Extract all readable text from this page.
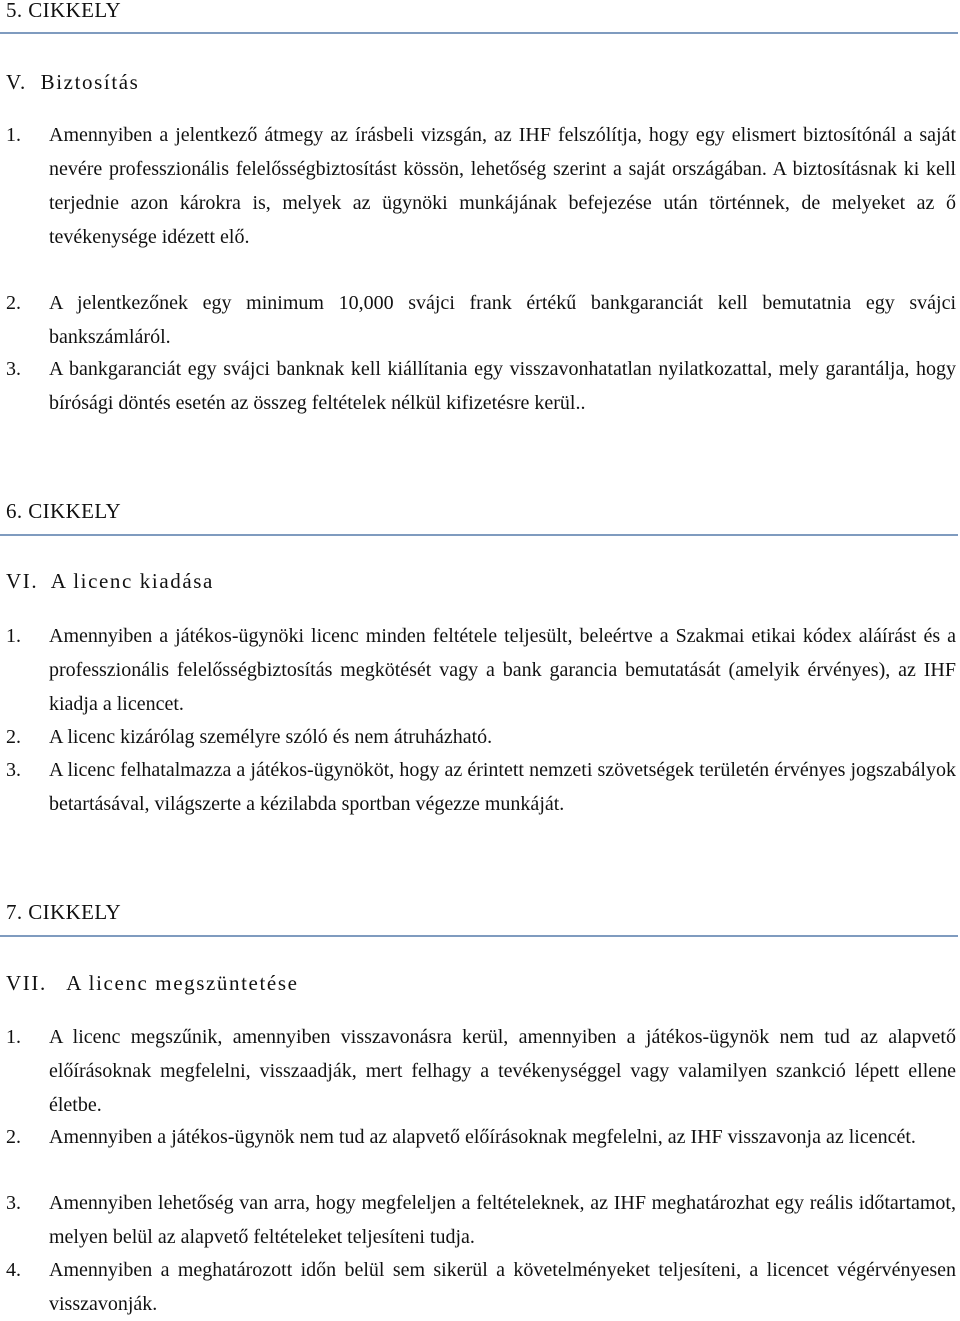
5. CIKKELY
V. Biztosítás
1. Amennyiben a jelentkező átmegy az írásbeli vizsgán, az IHF felszólítja, hogy egy elismert biztosítónál a saját nevére professzionális felelősségbiztosítást kössön, lehetőség szerint a saját országában. A biztosításnak ki kell terjednie azon károkra is, melyek az ügynöki munkájának befejezése után történnek, de melyeket az ő tevékenysége idézett elő.
2. A jelentkezőnek egy minimum 10,000 svájci frank értékű bankgaranciát kell bemutatnia egy svájci bankszámláról.
3. A bankgaranciát egy svájci banknak kell kiállítania egy visszavonhatatlan nyilatkozattal, mely garantálja, hogy bírósági döntés esetén az összeg feltételek nélkül kifizetésre kerül..
6. CIKKELY
VI. A licenc kiadása
1. Amennyiben a játékos-ügynöki licenc minden feltétele teljesült, beleértve a Szakmai etikai kódex aláírást és a professzionális felelősségbiztosítás megkötését vagy a bank garancia bemutatását (amelyik érvényes), az IHF kiadja a licencet.
2. A licenc kizárólag személyre szóló és nem átruházható.
3. A licenc felhatalmazza a játékos-ügynököt, hogy az érintett nemzeti szövetségek területén érvényes jogszabályok betartásával, világszerte a kézilabda sportban végezze munkáját.
7. CIKKELY
VII. A licenc megszüntetése
1. A licenc megszűnik, amennyiben visszavonásra kerül, amennyiben a játékos-ügynök nem tud az alapvető előírásoknak megfelelni, visszaadják, mert felhagy a tevékenységgel vagy valamilyen szankció lépett ellene életbe.
2. Amennyiben a játékos-ügynök nem tud az alapvető előírásoknak megfelelni, az IHF visszavonja az licencét.
3. Amennyiben lehetőség van arra, hogy megfeleljen a feltételeknek, az IHF meghatározhat egy reális időtartamot, melyen belül az alapvető feltételeket teljesíteni tudja.
4. Amennyiben a meghatározott időn belül sem sikerül a követelményeket teljesíteni, a licencet végérvényesen visszavonják.
